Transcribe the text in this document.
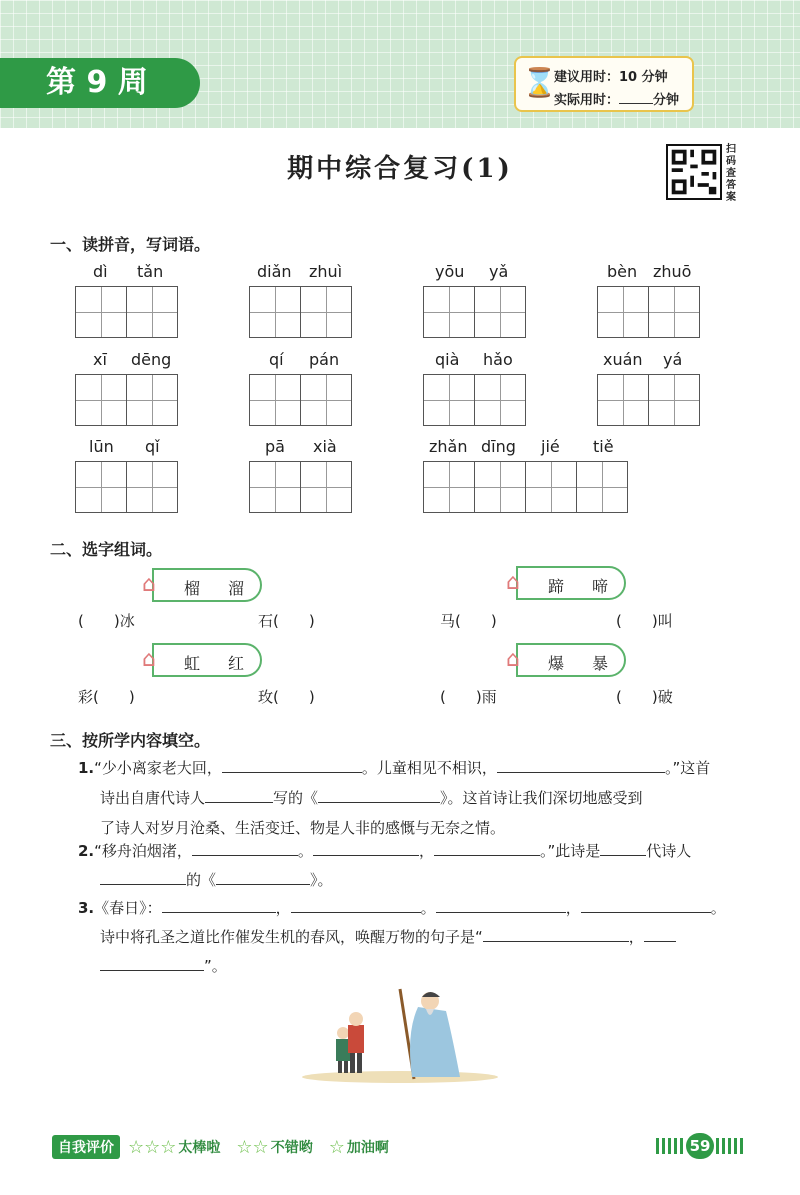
第 9 周	⌛
建议用时：10 分钟
实际用时：	分钟
期中综合复习(1)
扫码查答案
一、读拼音，写词语。
dì tǎn	diǎn zhuì	yōu yǎ	bèn zhuō
xī dēng	qí pán	qià hǎo	xuán yá
lūn qǐ	pā xià	zhǎn dīng jié tiě
二、选字组词。
⌂ 榴 溜	⌂ 蹄 啼
(　　)冰	石(　　)	马(　　)	(　　)叫
⌂ 虹 红	⌂ 爆 暴
彩(　　)	玫(　　)	(　　)雨	(　　)破
三、按所学内容填空。
1.“少小离家老大回，	。儿童相见不相识，	。”这首
诗出自唐代诗人	写的《	》。这首诗让我们深切地感受到
了诗人对岁月沧桑、生活变迁、物是人非的感慨与无奈之情。
2.“移舟泊烟渚，	。	，	。”此诗是	代诗人
的《	》。
3.《春日》：	，	。	，	。
诗中将孔圣之道比作催发生机的春风，唤醒万物的句子是“	，
”。
自我评价 ☆☆☆ 太棒啦 ☆☆ 不错哟 ☆ 加油啊	59
